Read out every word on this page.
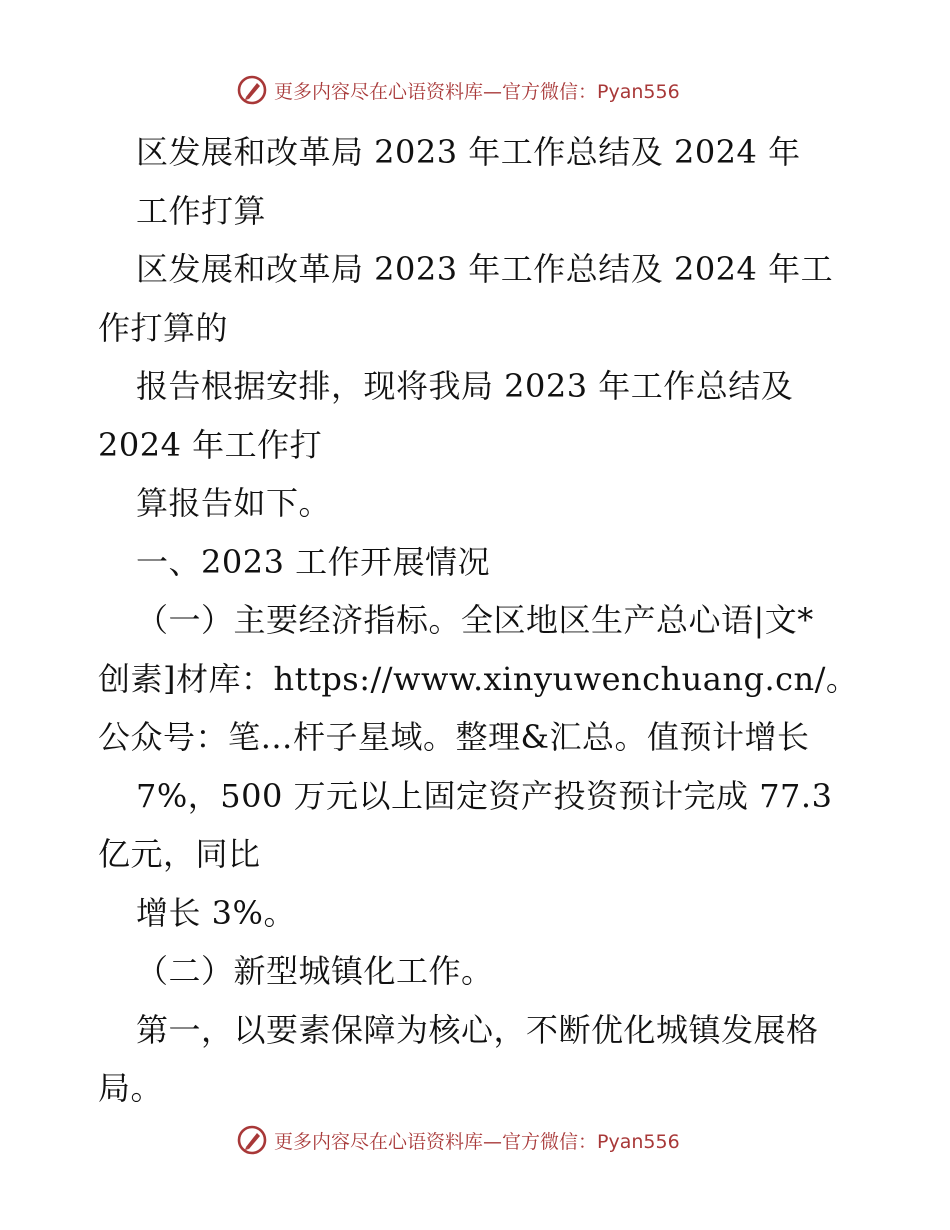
更多内容尽在心语资料库—官方微信：Pyan556
区发展和改革局 2023 年工作总结及 2024 年
工作打算
区发展和改革局 2023 年工作总结及 2024 年工
作打算的
报告根据安排，现将我局 2023 年工作总结及
2024 年工作打
算报告如下。
一、2023 工作开展情况
（一）主要经济指标。全区地区生产总心语|文*
创素]材库：https://www.xinyuwenchuang.cn/。
公众号：笔…杆子星域。整理&汇总。值预计增长
7%，500 万元以上固定资产投资预计完成 77.3
亿元，同比
增长 3%。
（二）新型城镇化工作。
第一，以要素保障为核心，不断优化城镇发展格
局。
更多内容尽在心语资料库—官方微信：Pyan556
